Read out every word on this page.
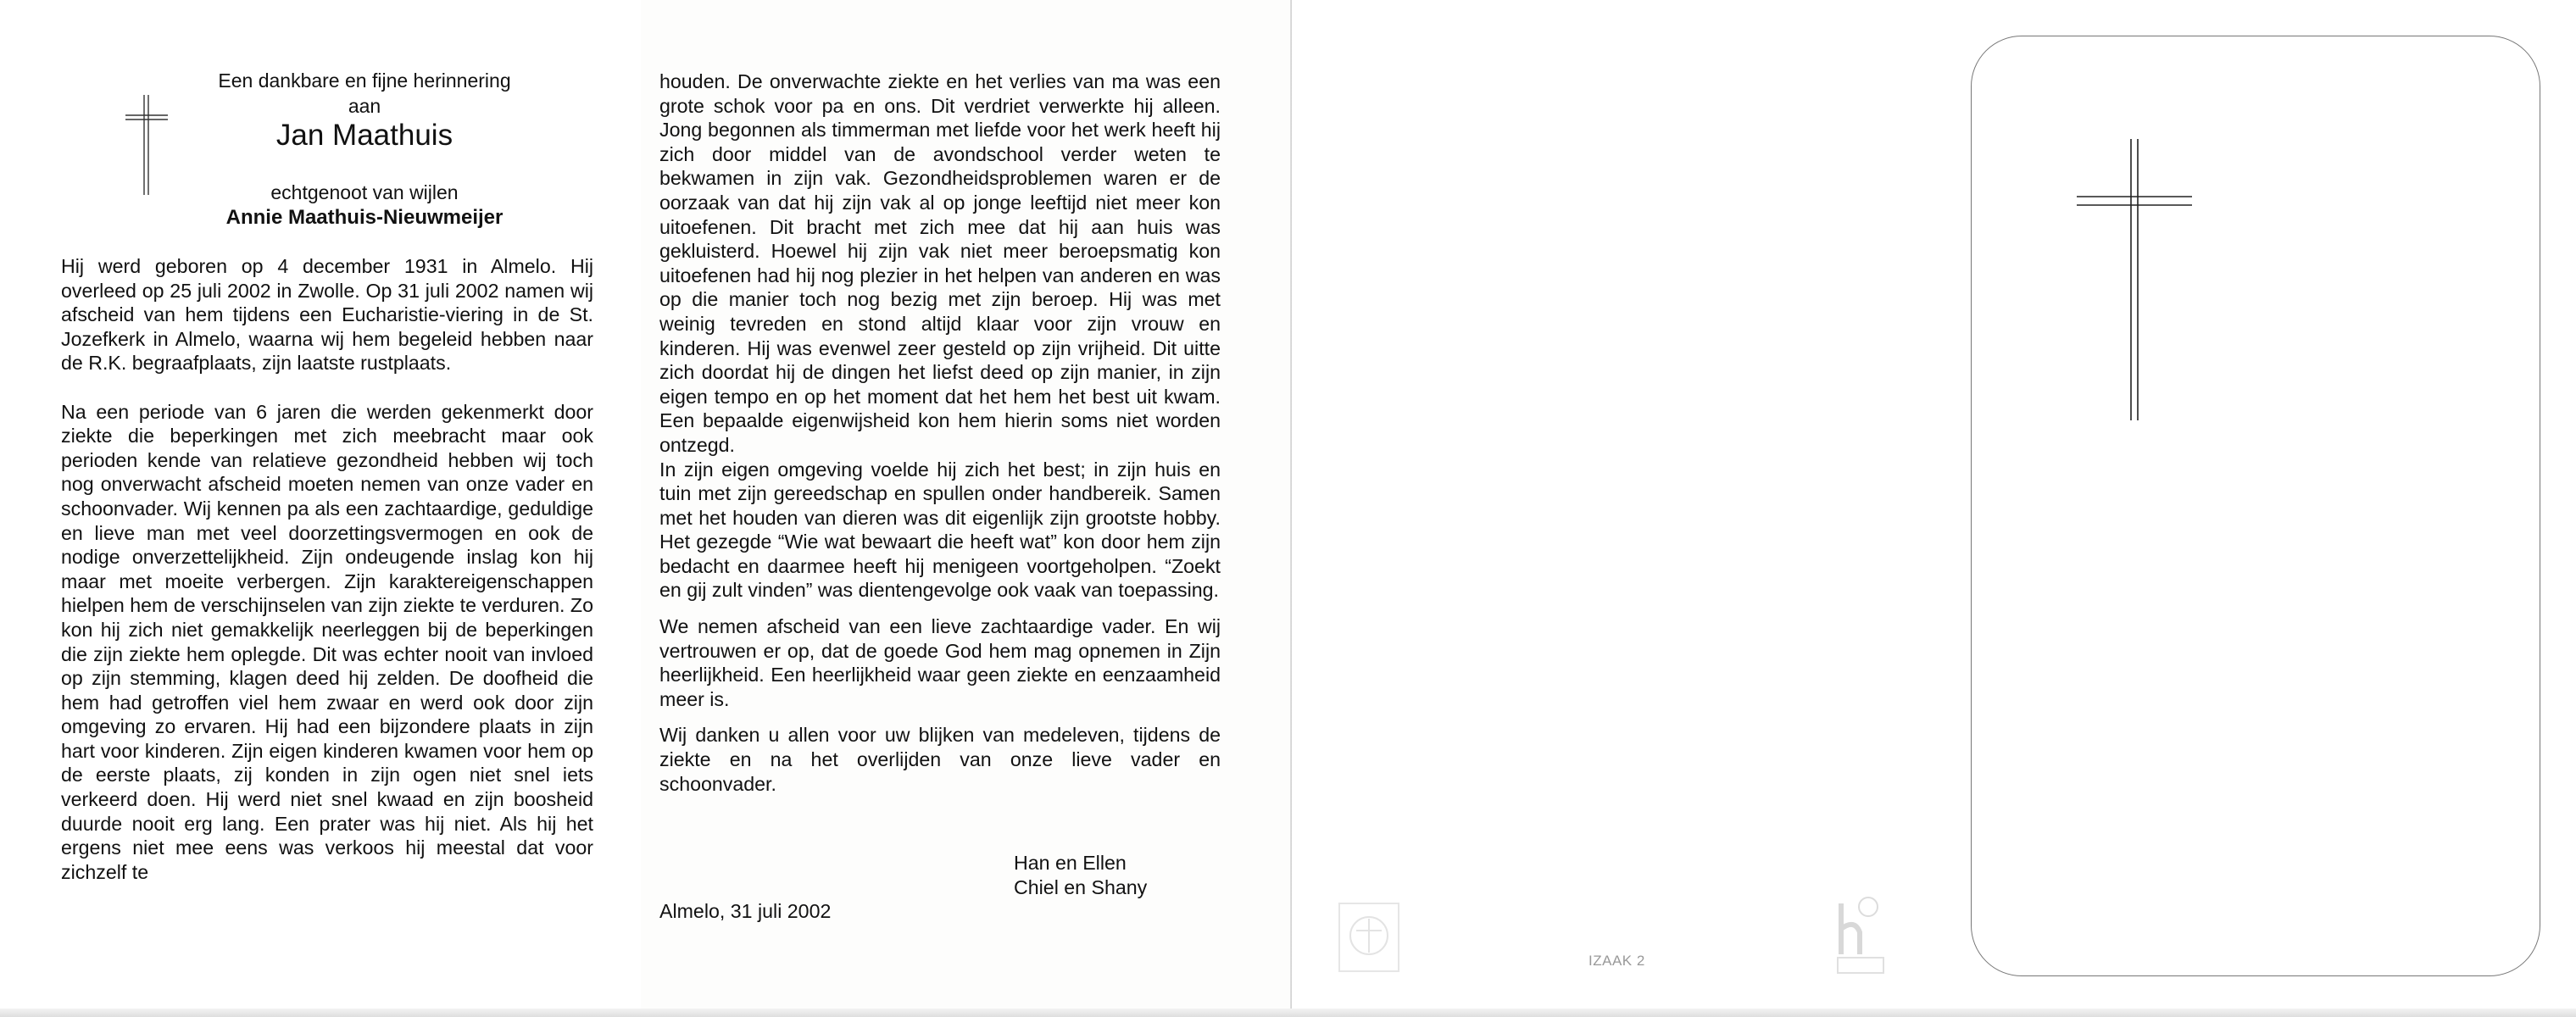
Een dankbare en fijne herinnering aan
Jan Maathuis
echtgenoot van wijlen
Annie Maathuis-Nieuwmeijer

Hij werd geboren op 4 december 1931 in Almelo. Hij overleed op 25 juli 2002 in Zwolle. Op 31 juli 2002 namen wij afscheid van hem tijdens een Eucharistie-viering in de St. Jozefkerk in Almelo, waarna wij hem begeleid hebben naar de R.K. begraafplaats, zijn laatste rustplaats.

Na een periode van 6 jaren die werden gekenmerkt door ziekte die beperkingen met zich meebracht maar ook perioden kende van relatieve gezondheid hebben wij toch nog onverwacht afscheid moeten nemen van onze vader en schoonvader. Wij kennen pa als een zachtaardige, geduldige en lieve man met veel doorzettingsvermogen en ook de nodige onverzettelijkheid. Zijn ondeugende inslag kon hij maar met moeite verbergen. Zijn karaktereigenschappen hielpen hem de verschijnselen van zijn ziekte te verduren. Zo kon hij zich niet gemakkelijk neerleggen bij de beperkingen die zijn ziekte hem oplegde. Dit was echter nooit van invloed op zijn stemming, klagen deed hij zelden. De doofheid die hem had getroffen viel hem zwaar en werd ook door zijn omgeving zo ervaren. Hij had een bijzondere plaats in zijn hart voor kinderen. Zijn eigen kinderen kwamen voor hem op de eerste plaats, zij konden in zijn ogen niet snel iets verkeerd doen. Hij werd niet snel kwaad en zijn boosheid duurde nooit erg lang. Een prater was hij niet. Als hij het ergens niet mee eens was verkoos hij meestal dat voor zichzelf te

houden. De onverwachte ziekte en het verlies van ma was een grote schok voor pa en ons. Dit verdriet verwerkte hij alleen. Jong begonnen als timmerman met liefde voor het werk heeft hij zich door middel van de avondschool verder weten te bekwamen in zijn vak. Gezondheidsproblemen waren er de oorzaak van dat hij zijn vak al op jonge leeftijd niet meer kon uitoefenen. Dit bracht met zich mee dat hij aan huis was gekluisterd. Hoewel hij zijn vak niet meer beroepsmatig kon uitoefenen had hij nog plezier in het helpen van anderen en was op die manier toch nog bezig met zijn beroep. Hij was met weinig tevreden en stond altijd klaar voor zijn vrouw en kinderen. Hij was evenwel zeer gesteld op zijn vrijheid. Dit uitte zich doordat hij de dingen het liefst deed op zijn manier, in zijn eigen tempo en op het moment dat het hem het best uit kwam. Een bepaalde eigenwijsheid kon hem hierin soms niet worden ontzegd.
In zijn eigen omgeving voelde hij zich het best; in zijn huis en tuin met zijn gereedschap en spullen onder handbereik. Samen met het houden van dieren was dit eigenlijk zijn grootste hobby. Het gezegde “Wie wat bewaart die heeft wat” kon door hem zijn bedacht en daarmee heeft hij menigeen voortgeholpen. “Zoekt en gij zult vinden” was dientengevolge ook vaak van toepassing.

We nemen afscheid van een lieve zachtaardige vader. En wij vertrouwen er op, dat de goede God hem mag opnemen in Zijn heerlijkheid. Een heerlijkheid waar geen ziekte en eenzaamheid meer is.

Wij danken u allen voor uw blijken van medeleven, tijdens de ziekte en na het overlijden van onze lieve vader en schoonvader.

Han en Ellen
Chiel en Shany
Almelo, 31 juli 2002
IZAAK 2
